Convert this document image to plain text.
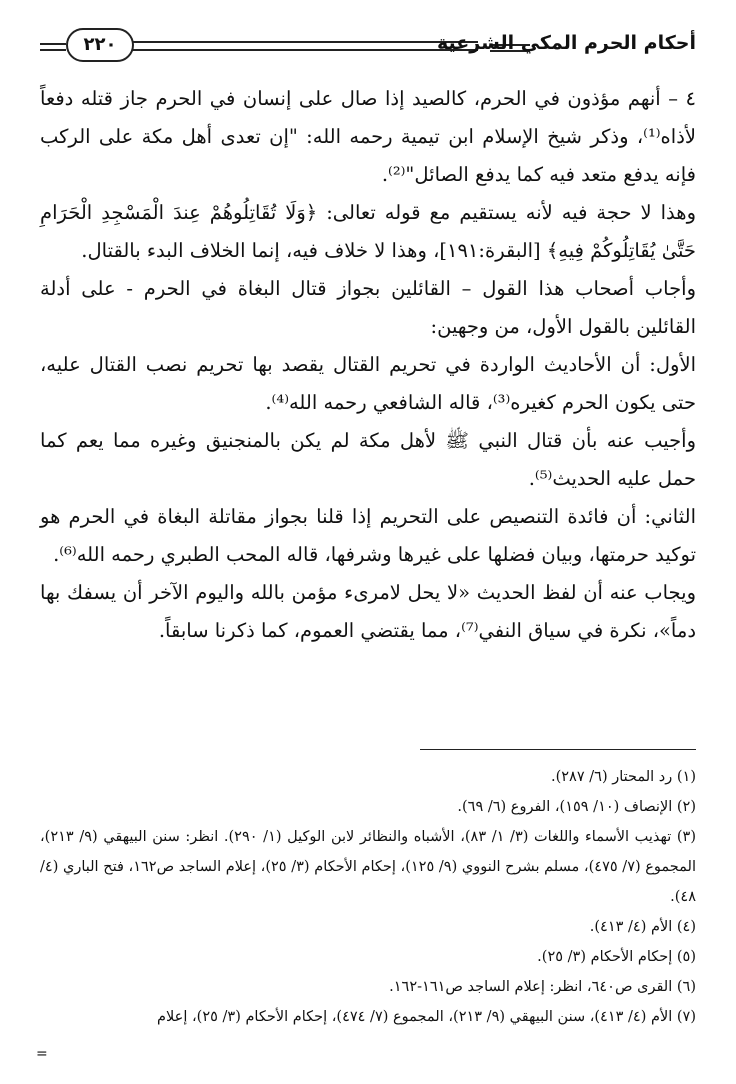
٢٢٠	أحكام الحرم المكي الشرعية

٤ – أنهم مؤذون في الحرم، كالصيد إذا صال على إنسان في الحرم جاز قتله دفعاً لأذاه⁽¹⁾، وذكر شيخ الإسلام ابن تيمية رحمه الله: "إن تعدى أهل مكة على الركب فإنه يدفع متعد فيه كما يدفع الصائل"⁽²⁾.

وهذا لا حجة فيه لأنه يستقيم مع قوله تعالى: ﴿وَلَا تُقَاتِلُوهُمْ عِندَ الْمَسْجِدِ الْحَرَامِ حَتَّىٰ يُقَاتِلُوكُمْ فِيهِ﴾ [البقرة:١٩١]، وهذا لا خلاف فيه، إنما الخلاف البدء بالقتال.

وأجاب أصحاب هذا القول – القائلين بجواز قتال البغاة في الحرم - على أدلة القائلين بالقول الأول، من وجهين:

الأول: أن الأحاديث الواردة في تحريم القتال يقصد بها تحريم نصب القتال عليه، حتى يكون الحرم كغيره⁽³⁾، قاله الشافعي رحمه الله⁽⁴⁾.

وأجيب عنه بأن قتال النبي ﷺ لأهل مكة لم يكن بالمنجنيق وغيره مما يعم كما حمل عليه الحديث⁽⁵⁾.

الثاني: أن فائدة التنصيص على التحريم إذا قلنا بجواز مقاتلة البغاة في الحرم هو توكيد حرمتها، وبيان فضلها على غيرها وشرفها، قاله المحب الطبري رحمه الله⁽⁶⁾.

ويجاب عنه أن لفظ الحديث «لا يحل لامرىء مؤمن بالله واليوم الآخر أن يسفك بها دماً»، نكرة في سياق النفي⁽⁷⁾، مما يقتضي العموم، كما ذكرنا سابقاً.

(١) رد المحتار (٦/ ٢٨٧).

(٢) الإنصاف (١٠/ ١٥٩)، الفروع (٦/ ٦٩).

(٣) تهذيب الأسماء واللغات (٣/ ١/ ٨٣)، الأشباه والنظائر لابن الوكيل (١/ ٢٩٠). انظر: سنن البيهقي (٩/ ٢١٣)، المجموع (٧/ ٤٧٥)، مسلم بشرح النووي (٩/ ١٢٥)، إحكام الأحكام (٣/ ٢٥)، إعلام الساجد ص١٦٢، فتح الباري (٤/ ٤٨).

(٤) الأم (٤/ ٤١٣).

(٥) إحكام الأحكام (٣/ ٢٥).

(٦) القرى ص٦٤٠، انظر: إعلام الساجد ص١٦١-١٦٢.

(٧) الأم (٤/ ٤١٣)، سنن البيهقي (٩/ ٢١٣)، المجموع (٧/ ٤٧٤)، إحكام الأحكام (٣/ ٢٥)، إعلام

=
